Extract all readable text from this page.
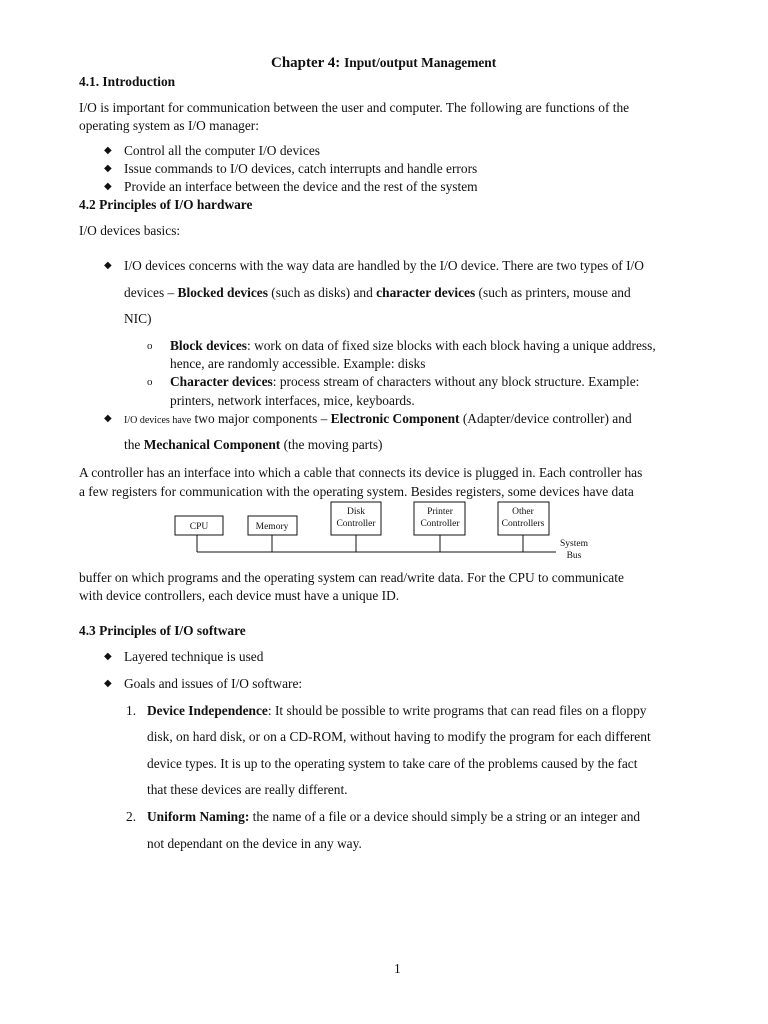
Chapter 4: Input/output Management
4.1. Introduction
I/O is important for communication between the user and computer. The following are functions of the
operating system as I/O manager:
◆ Control all the computer I/O devices
◆ Issue commands to I/O devices, catch interrupts and handle errors
◆ Provide an interface between the device and the rest of the system
4.2 Principles of I/O hardware
I/O devices basics:
◆ I/O devices concerns with the way data are handled by the I/O device. There are two types of I/O
devices – Blocked devices (such as disks) and character devices (such as printers, mouse and
NIC)
o Block devices: work on data of fixed size blocks with each block having a unique address,
hence, are randomly accessible. Example: disks
o Character devices: process stream of characters without any block structure. Example:
printers, network interfaces, mice, keyboards.
◆ I/O devices have two major components – Electronic Component (Adapter/device controller) and
the Mechanical Component (the moving parts)
A controller has an interface into which a cable that connects its device is plugged in. Each controller has
a few registers for communication with the operating system. Besides registers, some devices have data
CPU	Memory
Disk
Controller
Printer
Controller
Other
Controllers
System
Bus
buffer on which programs and the operating system can read/write data. For the CPU to communicate
with device controllers, each device must have a unique ID.
4.3 Principles of I/O software
◆ Layered technique is used
◆ Goals and issues of I/O software:
1. Device Independence: It should be possible to write programs that can read files on a floppy
disk, on hard disk, or on a CD-ROM, without having to modify the program for each different
device types. It is up to the operating system to take care of the problems caused by the fact
that these devices are really different.
2. Uniform Naming: the name of a file or a device should simply be a string or an integer and
not dependant on the device in any way.
1
